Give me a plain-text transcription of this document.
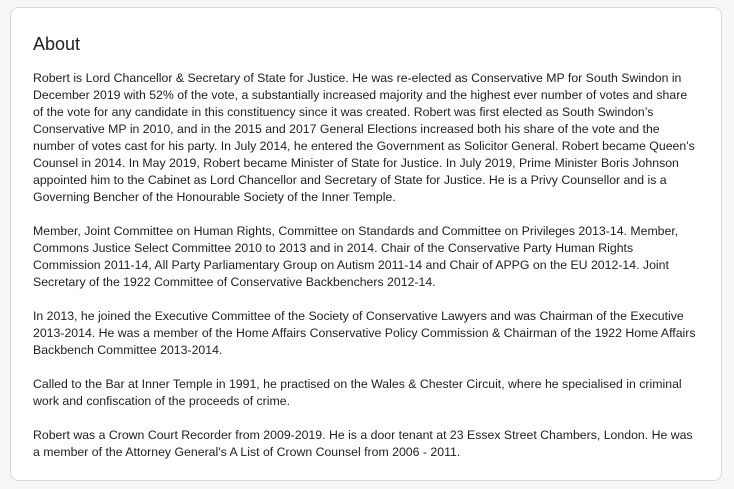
About

Robert is Lord Chancellor & Secretary of State for Justice. He was re-elected as Conservative MP for South Swindon in December 2019 with 52% of the vote, a substantially increased majority and the highest ever number of votes and share of the vote for any candidate in this constituency since it was created. Robert was first elected as South Swindon’s Conservative MP in 2010, and in the 2015 and 2017 General Elections increased both his share of the vote and the number of votes cast for his party. In July 2014, he entered the Government as Solicitor General. Robert became Queen's Counsel in 2014. In May 2019, Robert became Minister of State for Justice. In July 2019, Prime Minister Boris Johnson appointed him to the Cabinet as Lord Chancellor and Secretary of State for Justice. He is a Privy Counsellor and is a Governing Bencher of the Honourable Society of the Inner Temple.

Member, Joint Committee on Human Rights, Committee on Standards and Committee on Privileges 2013-14. Member, Commons Justice Select Committee 2010 to 2013 and in 2014. Chair of the Conservative Party Human Rights Commission 2011-14, All Party Parliamentary Group on Autism 2011-14 and Chair of APPG on the EU 2012-14. Joint Secretary of the 1922 Committee of Conservative Backbenchers 2012-14.

In 2013, he joined the Executive Committee of the Society of Conservative Lawyers and was Chairman of the Executive 2013-2014. He was a member of the Home Affairs Conservative Policy Commission & Chairman of the 1922 Home Affairs Backbench Committee 2013-2014.

Called to the Bar at Inner Temple in 1991, he practised on the Wales & Chester Circuit, where he specialised in criminal work and confiscation of the proceeds of crime.

Robert was a Crown Court Recorder from 2009-2019. He is a door tenant at 23 Essex Street Chambers, London. He was a member of the Attorney General's A List of Crown Counsel from 2006 - 2011.
